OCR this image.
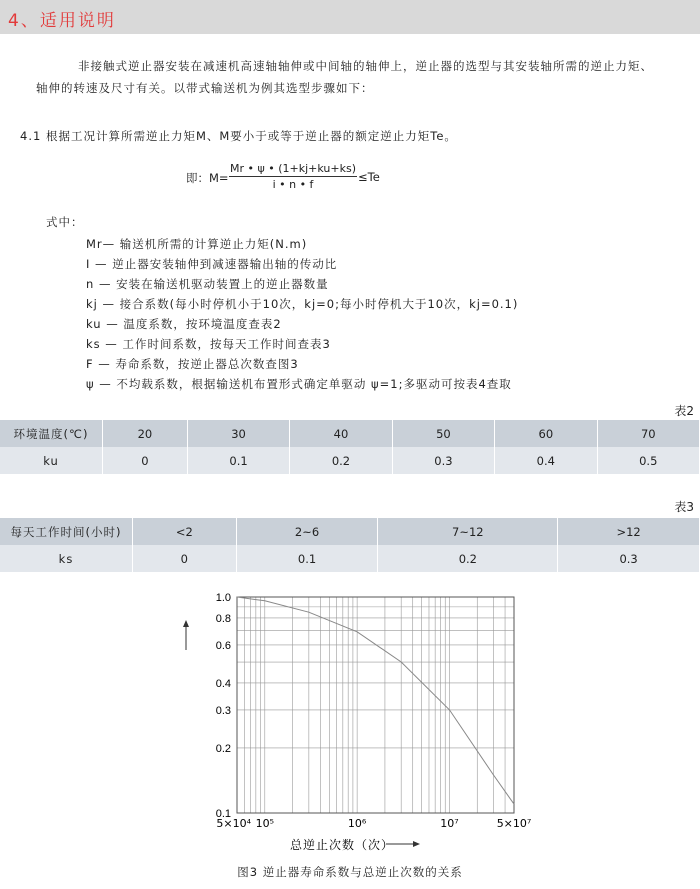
4、适用说明
非接触式逆止器安装在减速机高速轴轴伸或中间轴的轴伸上，逆止器的选型与其安装轴所需的逆止力矩、
轴伸的转速及尺寸有关。以带式输送机为例其选型步骤如下：
4.1 根据工况计算所需逆止力矩M、M要小于或等于逆止器的额定逆止力矩Te。
即：$M= \frac{Mr • \psi • (1+kj+ku+ks)}{i • n • f} \le Te$
式中：
Mr— 输送机所需的计算逆止力矩(N.m)
I — 逆止器安装轴伸到减速器输出轴的传动比
n — 安装在输送机驱动装置上的逆止器数量
kj — 接合系数(每小时停机小于10次，kj=0;每小时停机大于10次，kj=0.1)
ku — 温度系数，按环境温度查表2
ks — 工作时间系数，按每天工作时间查表3
F — 寿命系数，按逆止器总次数查图3
ψ — 不均载系数，根据输送机布置形式确定单驱动 ψ=1;多驱动可按表4查取
表2
环境温度(℃)	20	30	40	50	60	70
ku	0	0.1	0.2	0.3	0.4	0.5
表3
每天工作时间(小时)	<2	2~6	7~12	>12
ks	0	0.1	0.2	0.3
1.0
0.8
0.6
0.4
0.3
0.2
0.1
5×10⁴ 10⁵	10⁶	10⁷	5×10⁷
总逆止次数（次）
图3 逆止器寿命系数与总逆止次数的关系
